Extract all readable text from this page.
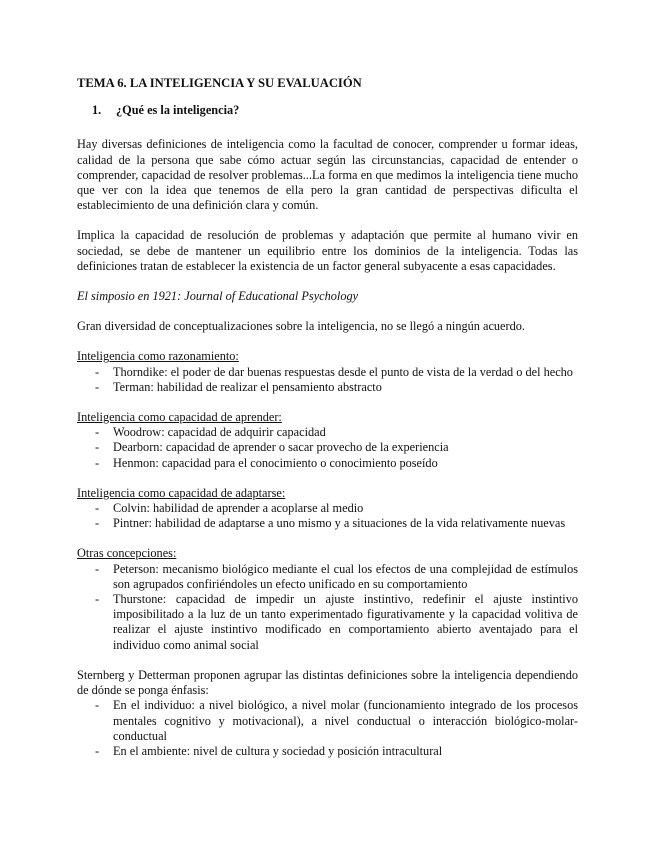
TEMA 6. LA INTELIGENCIA Y SU EVALUACIÓN
1.	¿Qué es la inteligencia?

Hay diversas definiciones de inteligencia como la facultad de conocer, comprender u formar ideas, calidad de la persona que sabe cómo actuar según las circunstancias, capacidad de entender o comprender, capacidad de resolver problemas...La forma en que medimos la inteligencia tiene mucho que ver con la idea que tenemos de ella pero la gran cantidad de perspectivas dificulta el establecimiento de una definición clara y común.

Implica la capacidad de resolución de problemas y adaptación que permite al humano vivir en sociedad, se debe de mantener un equilibrio entre los dominios de la inteligencia. Todas las definiciones tratan de establecer la existencia de un factor general subyacente a esas capacidades.

El simposio en 1921: Journal of Educational Psychology

Gran diversidad de conceptualizaciones sobre la inteligencia, no se llegó a ningún acuerdo.

Inteligencia como razonamiento:
- Thorndike: el poder de dar buenas respuestas desde el punto de vista de la verdad o del hecho
- Terman: habilidad de realizar el pensamiento abstracto
Inteligencia como capacidad de aprender:
- Woodrow: capacidad de adquirir capacidad
- Dearborn: capacidad de aprender o sacar provecho de la experiencia
- Henmon: capacidad para el conocimiento o conocimiento poseído
Inteligencia como capacidad de adaptarse:
- Colvin: habilidad de aprender a acoplarse al medio
- Pintner: habilidad de adaptarse a uno mismo y a situaciones de la vida relativamente nuevas
Otras concepciones:
- Peterson: mecanismo biológico mediante el cual los efectos de una complejidad de estímulos son agrupados confiriéndoles un efecto unificado en su comportamiento
- Thurstone: capacidad de impedir un ajuste instintivo, redefinir el ajuste instintivo imposibilitado a la luz de un tanto experimentado figurativamente y la capacidad volitiva de realizar el ajuste instintivo modificado en comportamiento abierto aventajado para el individuo como animal social

Sternberg y Detterman proponen agrupar las distintas definiciones sobre la inteligencia dependiendo de dónde se ponga énfasis:

- En el individuo: a nivel biológico, a nivel molar (funcionamiento integrado de los procesos mentales cognitivo y motivacional), a nivel conductual o interacción biológico-molar-conductual
- En el ambiente: nivel de cultura y sociedad y posición intracultural
